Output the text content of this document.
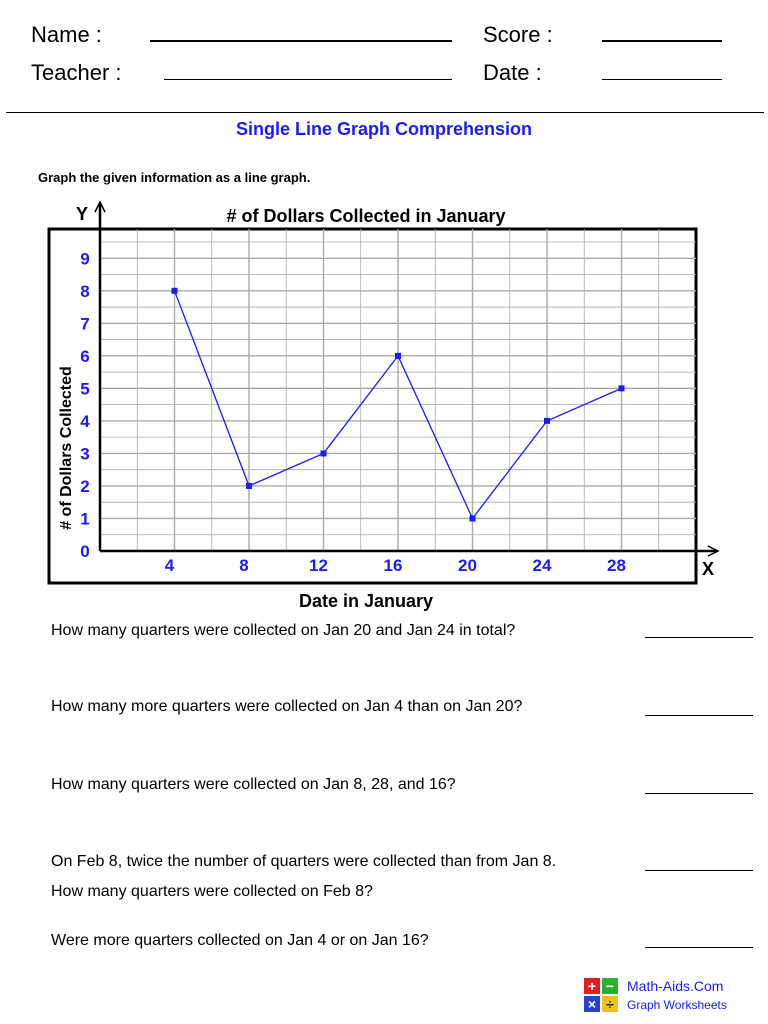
Name :
Teacher :
Score :
Date :
Single Line Graph Comprehension
Graph the given information as a line graph.
0
1
2
3
4
5
6
7
8
9
4	8	12	16	20	24	28
# of Dollars Collected in January
Date in January
# of Dollars Collected
Y
X
How many quarters were collected on Jan 20 and Jan 24 in total?
How many more quarters were collected on Jan 4 than on Jan 20?
How many quarters were collected on Jan 8, 28, and 16?
On Feb 8, twice the number of quarters were collected than from Jan 8.
How many quarters were collected on Feb 8?
Were more quarters collected on Jan 4 or on Jan 16?
+ −
× ÷
Math-Aids.Com
Graph Worksheets
